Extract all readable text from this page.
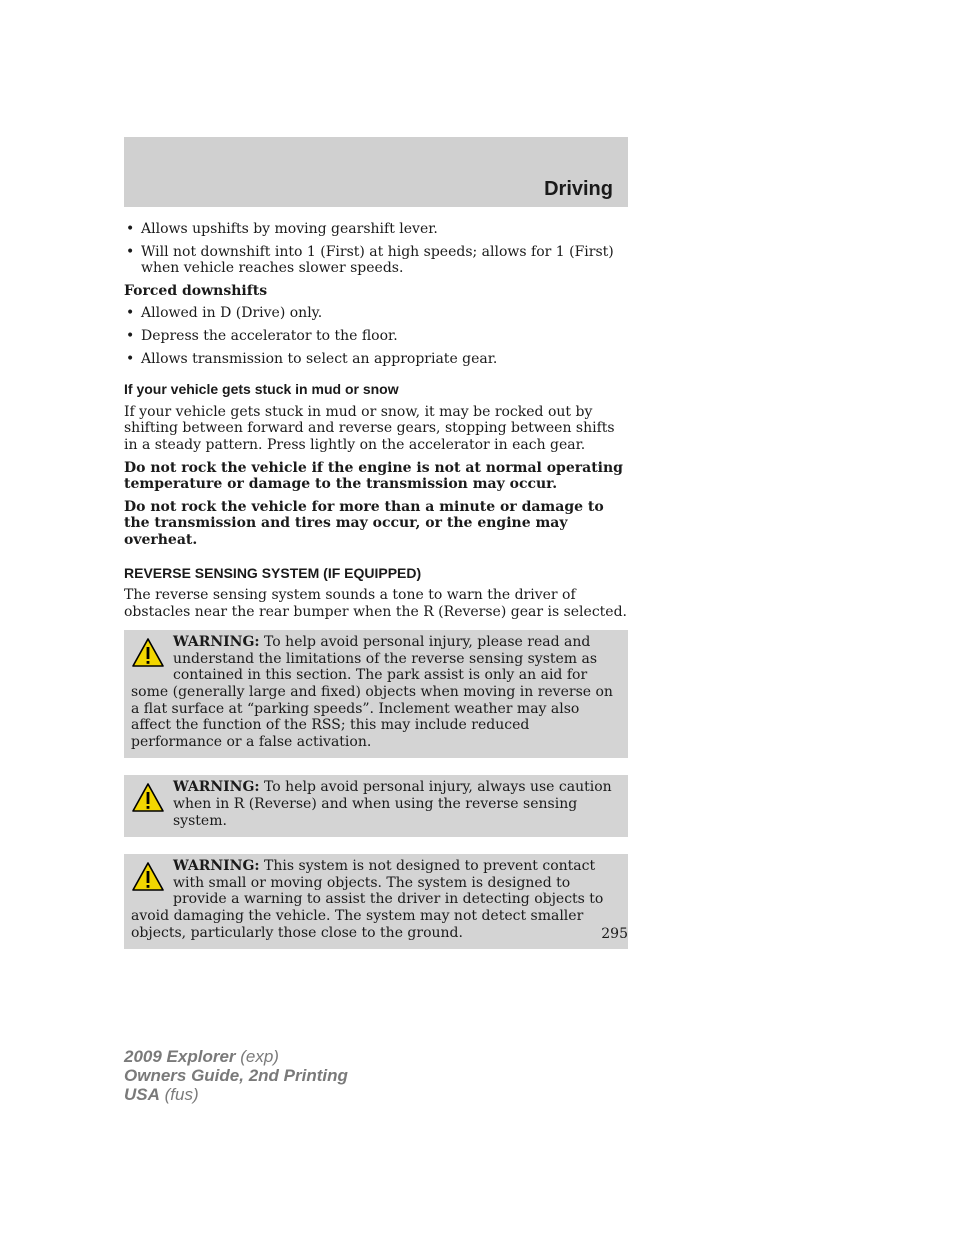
Driving
• Allows upshifts by moving gearshift lever.
• Will not downshift into 1 (First) at high speeds; allows for 1 (First) when vehicle reaches slower speeds.
Forced downshifts
• Allowed in D (Drive) only.
• Depress the accelerator to the floor.
• Allows transmission to select an appropriate gear.
If your vehicle gets stuck in mud or snow

If your vehicle gets stuck in mud or snow, it may be rocked out by shifting between forward and reverse gears, stopping between shifts in a steady pattern. Press lightly on the accelerator in each gear.

Do not rock the vehicle if the engine is not at normal operating temperature or damage to the transmission may occur.

Do not rock the vehicle for more than a minute or damage to the transmission and tires may occur, or the engine may overheat.

REVERSE SENSING SYSTEM (IF EQUIPPED)

The reverse sensing system sounds a tone to warn the driver of obstacles near the rear bumper when the R (Reverse) gear is selected.

WARNING: To help avoid personal injury, please read and understand the limitations of the reverse sensing system as contained in this section. The park assist is only an aid for some (generally large and fixed) objects when moving in reverse on a flat surface at “parking speeds”. Inclement weather may also affect the function of the RSS; this may include reduced performance or a false activation.
WARNING: To help avoid personal injury, always use caution when in R (Reverse) and when using the reverse sensing system.
WARNING: This system is not designed to prevent contact with small or moving objects. The system is designed to provide a warning to assist the driver in detecting objects to avoid damaging the vehicle. The system may not detect smaller objects, particularly those close to the ground.	295
2009 Explorer (exp)
Owners Guide, 2nd Printing
USA (fus)
